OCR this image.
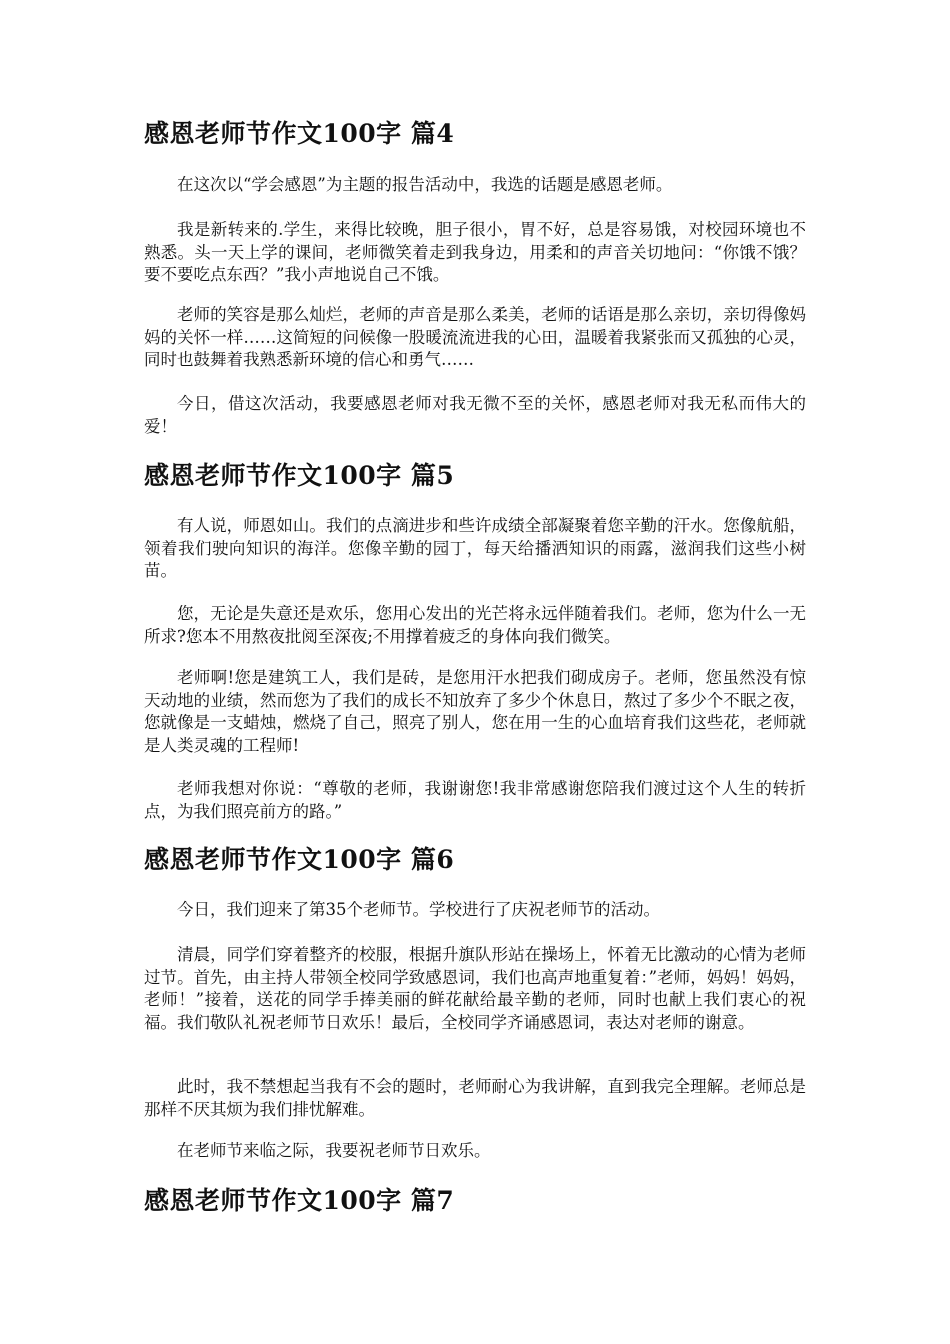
感恩老师节作文100字 篇4

在这次以“学会感恩”为主题的报告活动中，我选的话题是感恩老师。

我是新转来的.学生，来得比较晚，胆子很小，胃不好，总是容易饿，对校园环境也不熟悉。头一天上学的课间，老师微笑着走到我身边，用柔和的声音关切地问：“你饿不饿？要不要吃点东西？”我小声地说自己不饿。

老师的笑容是那么灿烂，老师的声音是那么柔美，老师的话语是那么亲切，亲切得像妈妈的关怀一样……这简短的问候像一股暖流流进我的心田，温暖着我紧张而又孤独的心灵，同时也鼓舞着我熟悉新环境的信心和勇气……

今日，借这次活动，我要感恩老师对我无微不至的关怀，感恩老师对我无私而伟大的爱！

感恩老师节作文100字 篇5

有人说，师恩如山。我们的点滴进步和些许成绩全部凝聚着您辛勤的汗水。您像航船，领着我们驶向知识的海洋。您像辛勤的园丁，每天给播洒知识的雨露，滋润我们这些小树苗。

您，无论是失意还是欢乐，您用心发出的光芒将永远伴随着我们。老师，您为什么一无所求?您本不用熬夜批阅至深夜;不用撑着疲乏的身体向我们微笑。

老师啊!您是建筑工人，我们是砖，是您用汗水把我们砌成房子。老师，您虽然没有惊天动地的业绩，然而您为了我们的成长不知放弃了多少个休息日，熬过了多少个不眠之夜，您就像是一支蜡烛，燃烧了自己，照亮了别人，您在用一生的心血培育我们这些花，老师就是人类灵魂的工程师!

老师我想对你说：“尊敬的老师，我谢谢您!我非常感谢您陪我们渡过这个人生的转折点，为我们照亮前方的路。”

感恩老师节作文100字 篇6

今日，我们迎来了第35个老师节。学校进行了庆祝老师节的活动。

清晨，同学们穿着整齐的校服，根据升旗队形站在操场上，怀着无比激动的心情为老师过节。首先，由主持人带领全校同学致感恩词，我们也高声地重复着：”老师，妈妈！妈妈，老师！”接着，送花的同学手捧美丽的鲜花献给最辛勤的老师，同时也献上我们衷心的祝福。我们敬队礼祝老师节日欢乐！最后，全校同学齐诵感恩词，表达对老师的谢意。

此时，我不禁想起当我有不会的题时，老师耐心为我讲解，直到我完全理解。老师总是那样不厌其烦为我们排忧解难。

在老师节来临之际，我要祝老师节日欢乐。

感恩老师节作文100字 篇7
